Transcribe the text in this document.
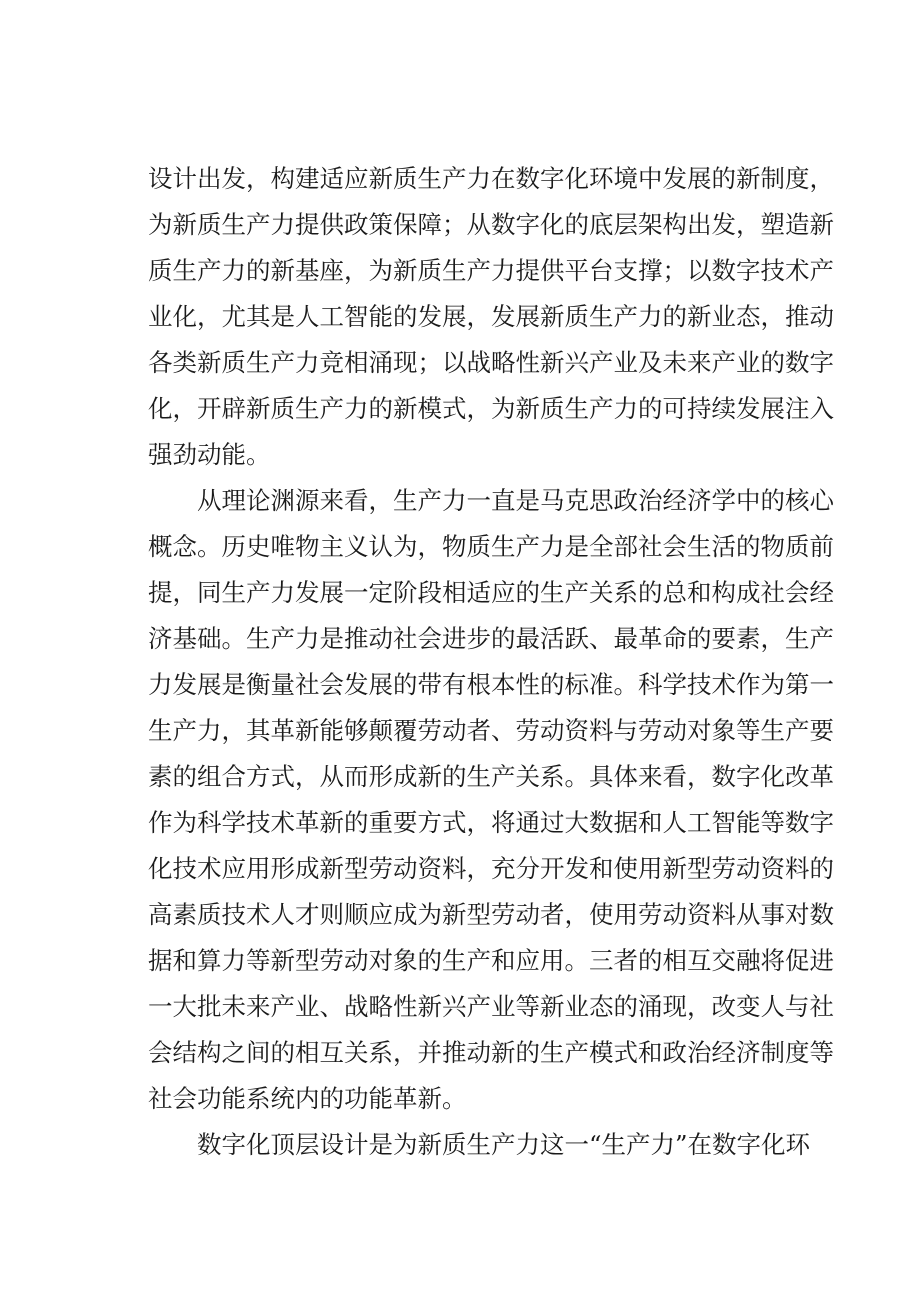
设计出发，构建适应新质生产力在数字化环境中发展的新制度，
为新质生产力提供政策保障；从数字化的底层架构出发，塑造新
质生产力的新基座，为新质生产力提供平台支撑；以数字技术产
业化，尤其是人工智能的发展，发展新质生产力的新业态，推动
各类新质生产力竞相涌现；以战略性新兴产业及未来产业的数字
化，开辟新质生产力的新模式，为新质生产力的可持续发展注入
强劲动能。
从理论渊源来看，生产力一直是马克思政治经济学中的核心
概念。历史唯物主义认为，物质生产力是全部社会生活的物质前
提，同生产力发展一定阶段相适应的生产关系的总和构成社会经
济基础。生产力是推动社会进步的最活跃、最革命的要素，生产
力发展是衡量社会发展的带有根本性的标准。科学技术作为第一
生产力，其革新能够颠覆劳动者、劳动资料与劳动对象等生产要
素的组合方式，从而形成新的生产关系。具体来看，数字化改革
作为科学技术革新的重要方式，将通过大数据和人工智能等数字
化技术应用形成新型劳动资料，充分开发和使用新型劳动资料的
高素质技术人才则顺应成为新型劳动者，使用劳动资料从事对数
据和算力等新型劳动对象的生产和应用。三者的相互交融将促进
一大批未来产业、战略性新兴产业等新业态的涌现，改变人与社
会结构之间的相互关系，并推动新的生产模式和政治经济制度等
社会功能系统内的功能革新。
数字化顶层设计是为新质生产力这一“生产力”在数字化环
